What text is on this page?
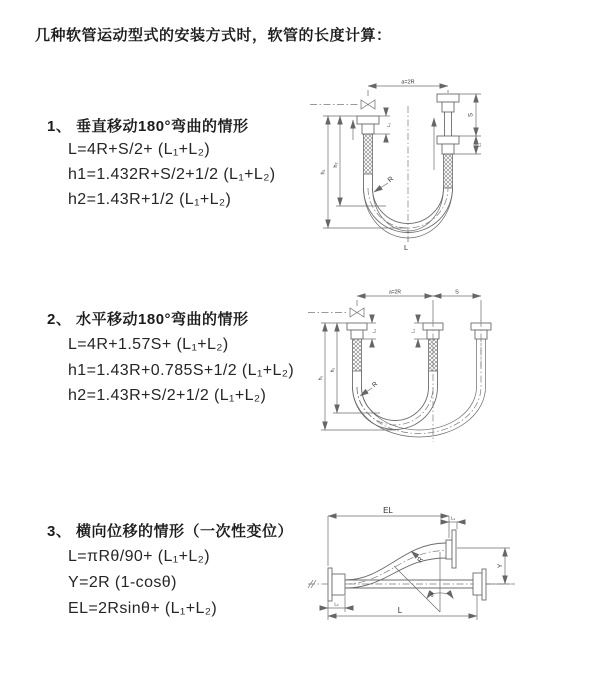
几种软管运动型式的安装方式时，软管的长度计算：
1、 垂直移动180°弯曲的情形
L=4R+S/2+ (L₁+L₂)
h1=1.432R+S/2+1/2 (L₁+L₂)
h2=1.43R+1/2 (L₁+L₂)
2、 水平移动180°弯曲的情形
L=4R+1.57S+ (L₁+L₂)
h1=1.43R+0.785S+1/2 (L₁+L₂)
h2=1.43R+S/2+1/2 (L₁+L₂)
3、 横向位移的情形（一次性变位）
L=πRθ/90+ (L₁+L₂)
Y=2R (1-cosθ)
EL=2Rsinθ+ (L₁+L₂)
a=2R
h₁
h₂
L₁
S
L₁
R
L
a=2R	S
h₁
h₂
L₁	L₁
R
θ
R
EL
L₁
Y
L₂
L
